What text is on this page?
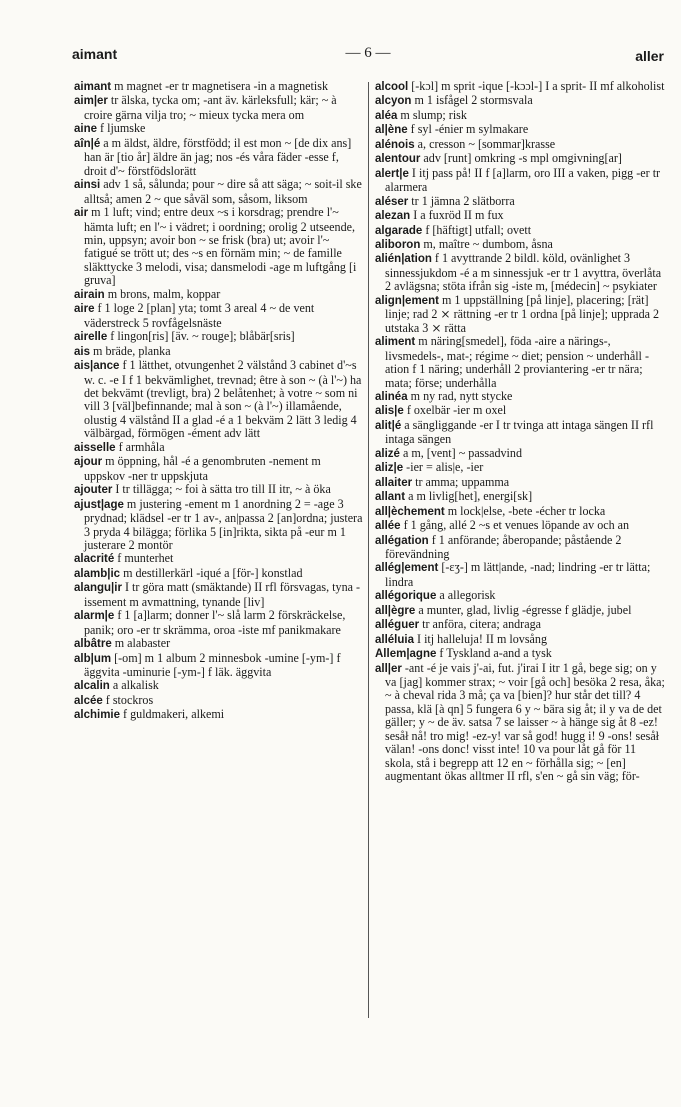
aimant	— 6 —	aller

aimant m magnet -er tr magnetisera -in a magnetisk

aim|er tr älska, tycka om; -ant äv. kärleksfull; kär; ~ à croire gärna vilja tro; ~ mieux tycka mera om

aine f ljumske

aîn|é a m äldst, äldre, förstfödd; il est mon ~ [de dix ans] han är [tio år] äldre än jag; nos -és våra fäder -esse f, droit d'~ förstfödslorätt

ainsi adv 1 så, sålunda; pour ~ dire så att säga; ~ soit-il ske alltså; amen 2 ~ que såväl som, såsom, liksom

air m 1 luft; vind; entre deux ~s i korsdrag; prendre l'~ hämta luft; en l'~ i vädret; i oordning; orolig 2 utseende, min, uppsyn; avoir bon ~ se frisk (bra) ut; avoir l'~ fatigué se trött ut; des ~s en förnäm min; ~ de famille släkttycke 3 melodi, visa; dansmelodi -age m luftgång [i gruva]

airain m brons, malm, koppar

aire f 1 loge 2 [plan] yta; tomt 3 areal 4 ~ de vent väderstreck 5 rovfågelsnäste

airelle f lingon[ris] [äv. ~ rouge]; blåbär[sris]

ais m bräde, planka

ais|ance f 1 lätthet, otvungenhet 2 välstånd 3 cabinet d'~s w. c. -e I f 1 bekvämlighet, trevnad; être à son ~ (à l'~) ha det bekvämt (trevligt, bra) 2 belåtenhet; à votre ~ som ni vill 3 [väl]befinnande; mal à son ~ (à l'~) illamående, olustig 4 välstånd II a glad -é a 1 bekväm 2 lätt 3 ledig 4 välbärgad, förmögen -ément adv lätt

aisselle f armhåla

ajour m öppning, hål -é a genombruten -nement m uppskov -ner tr uppskjuta

ajouter I tr tillägga; ~ foi à sätta tro till II itr, ~ à öka

ajust|age m justering -ement m 1 anordning 2 = -age 3 prydnad; klädsel -er tr 1 av-, an|passa 2 [an]ordna; justera 3 pryda 4 bilägga; förlika 5 [in]rikta, sikta på -eur m 1 justerare 2 montör

alacrité f munterhet

alamb|ic m destillerkärl -iqué a [för-] konstlad

alangu|ir I tr göra matt (smäktande) II rfl försvagas, tyna -issement m avmattning, tynande [liv]

alarm|e f 1 [a]larm; donner l'~ slå larm 2 förskräckelse, panik; oro -er tr skrämma, oroa -iste mf panikmakare

albâtre m alabaster

alb|um [-om] m 1 album 2 minnesbok -umine [-ym-] f äggvita -uminurie [-ym-] f läk. äggvita

alcalin a alkalisk

alcée f stockros

alchimie f guldmakeri, alkemi

alcool [-kɔl] m sprit -ique [-kɔɔl-] I a sprit- II mf alkoholist

alcyon m 1 isfågel 2 stormsvala

aléa m slump; risk

al|ène f syl -énier m sylmakare

alénois a, cresson ~ [sommar]krasse

alentour adv [runt] omkring -s mpl omgivning[ar]

alert|e I itj pass på! II f [a]larm, oro III a vaken, pigg -er tr alarmera

aléser tr 1 jämna 2 slätborra

alezan I a fuxröd II m fux

algarade f [häftigt] utfall; ovett

aliboron m, maître ~ dumbom, åsna

alién|ation f 1 avyttrande 2 bildl. köld, ovänlighet 3 sinnessjukdom -é a m sinnessjuk -er tr 1 avyttra, överlåta 2 avlägsna; stöta ifrån sig -iste m, [médecin] ~ psykiater

align|ement m 1 uppställning [på linje], placering; [rät] linje; rad 2 ⨯ rättning -er tr 1 ordna [på linje]; upprada 2 utstaka 3 ⨯ rätta

aliment m näring[smedel], föda -aire a närings-, livsmedels-, mat-; régime ~ diet; pension ~ underhåll -ation f 1 näring; underhåll 2 proviantering -er tr nära; mata; förse; underhålla

alinéa m ny rad, nytt stycke

alis|e f oxelbär -ier m oxel

alit|é a sängliggande -er I tr tvinga att intaga sängen II rfl intaga sängen

alizé a m, [vent] ~ passadvind

aliz|e -ier = alis|e, -ier

allaiter tr amma; uppamma

allant a m livlig[het], energi[sk]

all|èchement m lock|else, -bete -écher tr locka

allée f 1 gång, allé 2 ~s et venues löpande av och an

allégation f 1 anförande; åberopande; påstående 2 förevändning

allég|ement [-ɛʒ-] m lätt|ande, -nad; lindring -er tr lätta; lindra

allégorique a allegorisk

all|ègre a munter, glad, livlig -égresse f glädje, jubel

alléguer tr anföra, citera; andraga

alléluia I itj halleluja! II m lovsång

Allem|agne f Tyskland a-and a tysk

all|er -ant -é je vais j'-ai, fut. j'irai I itr 1 gå, bege sig; on y va [jag] kommer strax; ~ voir [gå och] besöka 2 resa, åka; ~ à cheval rida 3 må; ça va [bien]? hur står det till? 4 passa, klä [à qn] 5 fungera 6 y ~ bära sig åt; il y va de det gäller; y ~ de äv. satsa 7 se laisser ~ à hänge sig åt 8 -ez! sesåł nå! tro mig! -ez-y! var så god! hugg i! 9 -ons! sesåł välan! -ons donc! visst inte! 10 va pour låt gå för 11 skola, stå i begrepp att 12 en ~ förhålla sig; ~ [en] augmentant ökas alltmer II rfl, s'en ~ gå sin väg; för-
